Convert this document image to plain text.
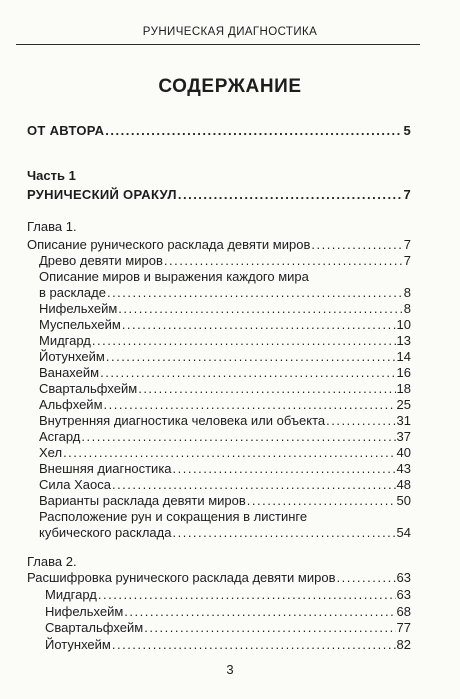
РУНИЧЕСКАЯ ДИАГНОСТИКА
СОДЕРЖАНИЕ
ОТ АВТОРА .....	5
Часть 1
РУНИЧЕСКИЙ ОРАКУЛ .....	7
Глава 1.
Описание рунического расклада девяти миров .....	7
Древо девяти миров .....	7
Описание миров и выражения каждого мира
в раскладе .....	8
Нифельхейм .....	8
Муспельхейм .....	10
Мидгард .....	13
Йотунхейм .....	14
Ванахейм .....	16
Свартальфхейм .....	18
Альфхейм .....	25
Внутренняя диагностика человека или объекта .....	31
Асгард .....	37
Хел .....	40
Внешняя диагностика .....	43
Сила Хаоса .....	48
Варианты расклада девяти миров .....	50
Расположение рун и сокращения в листинге
кубического расклада .....	54
Глава 2.
Расшифровка рунического расклада девяти миров .....	63
Мидгард .....	63
Нифельхейм .....	68
Свартальфхейм .....	77
Йотунхейм .....	82
3
